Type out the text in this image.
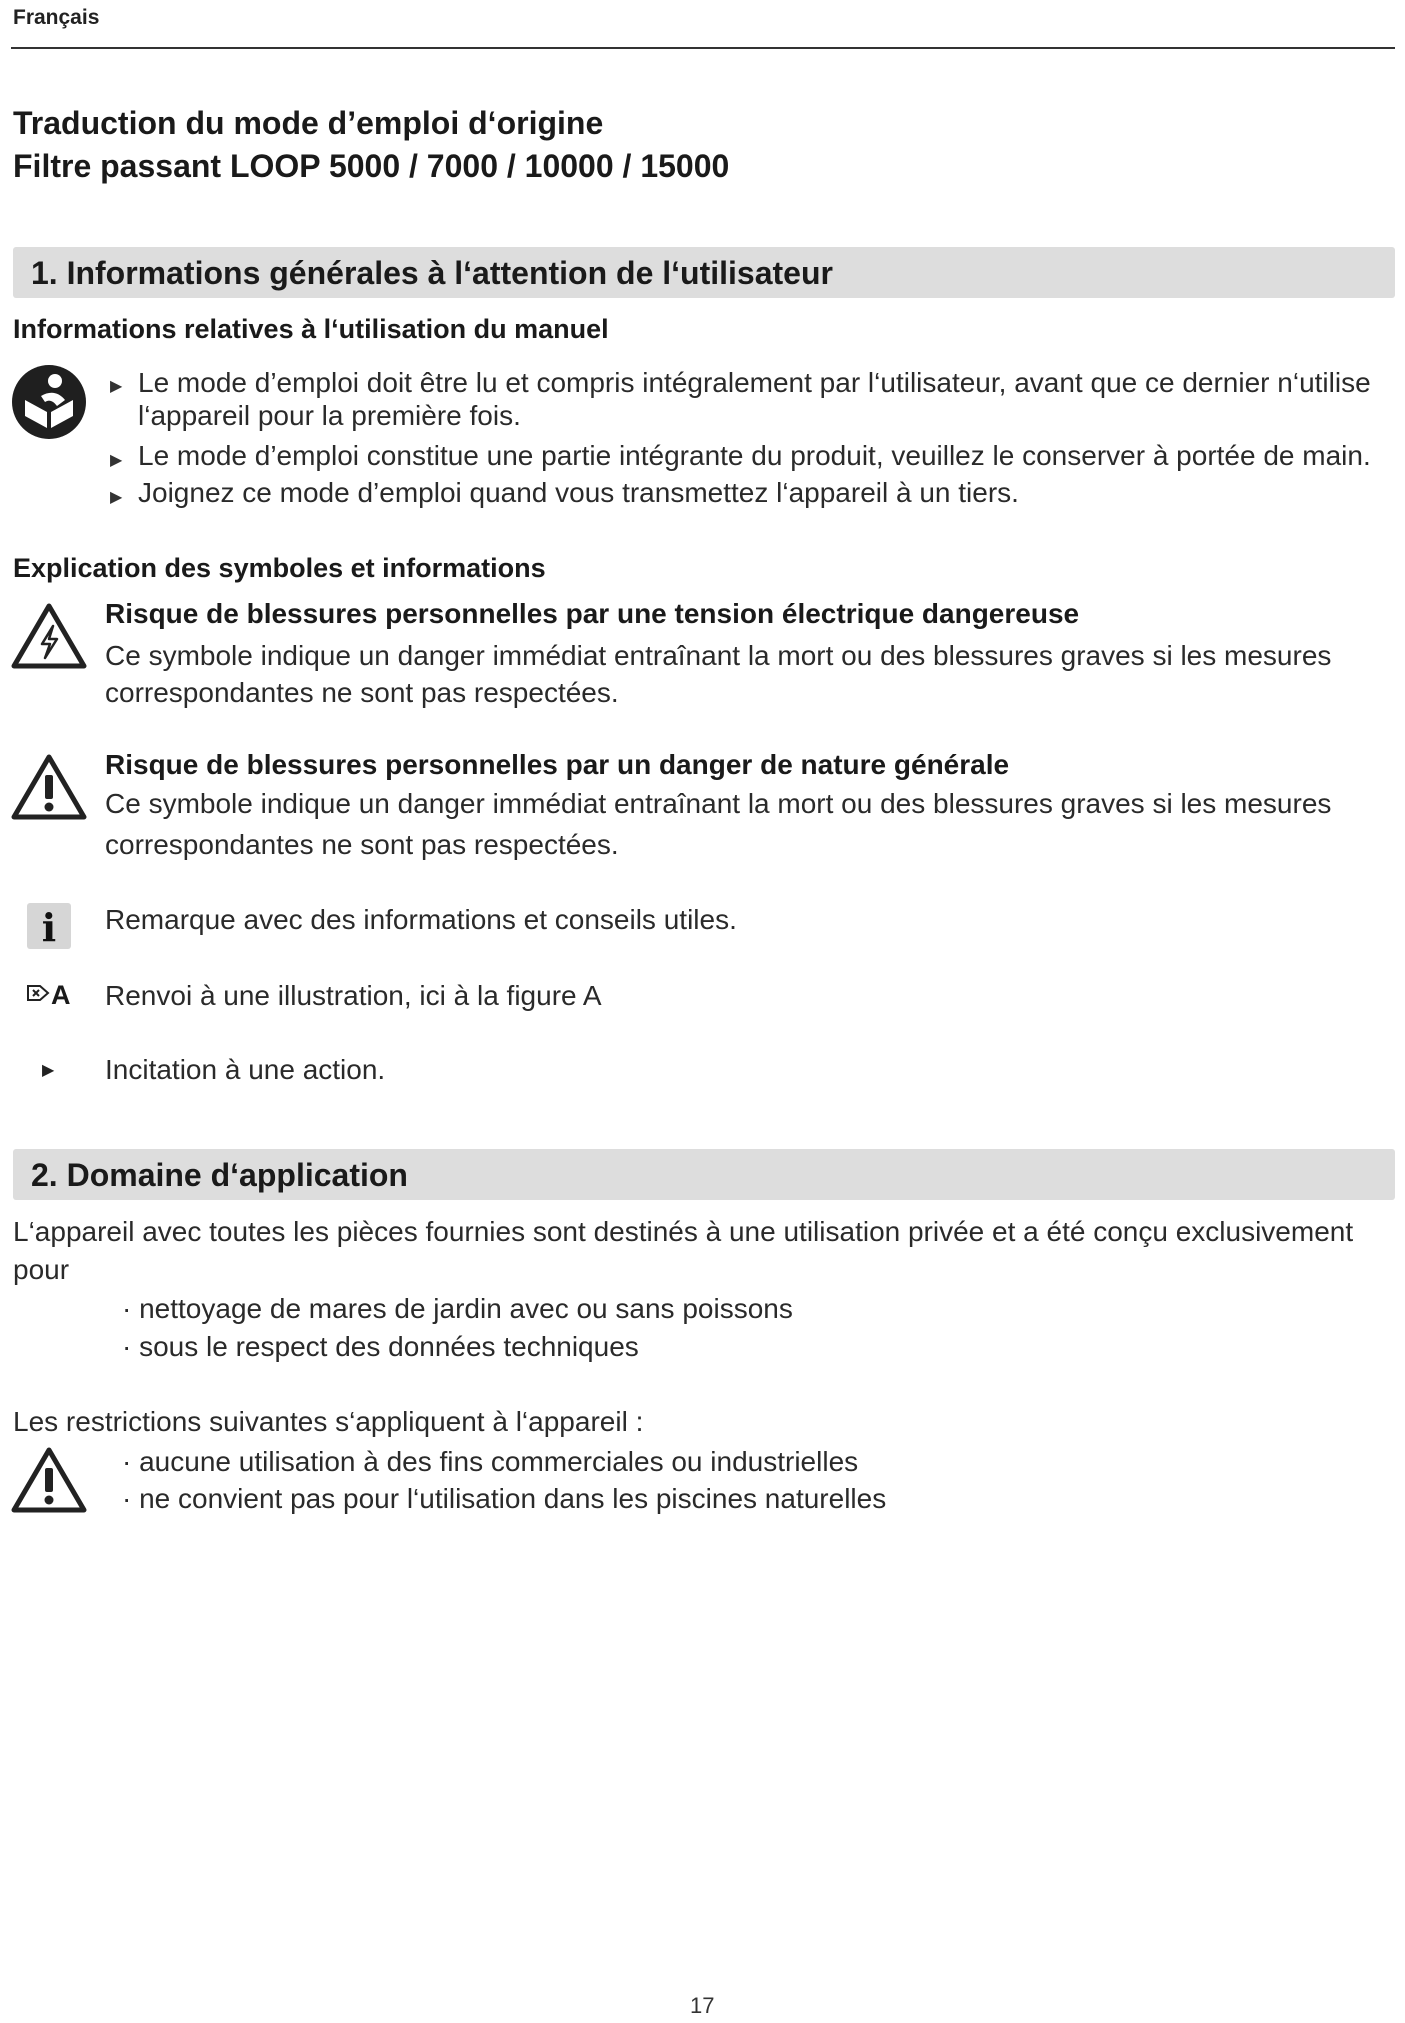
Français
Traduction du mode d’emploi d‘origine
Filtre passant LOOP 5000 / 7000 / 10000 / 15000
1. Informations générales à l‘attention de l‘utilisateur
Informations relatives à l‘utilisation du manuel
▶ Le mode d’emploi doit être lu et compris intégralement par l‘utilisateur, avant que ce dernier n‘utilise
l‘appareil pour la première fois.
▶ Le mode d’emploi constitue une partie intégrante du produit, veuillez le conserver à portée de main.
▶ Joignez ce mode d’emploi quand vous transmettez l‘appareil à un tiers.
Explication des symboles et informations
Risque de blessures personnelles par une tension électrique dangereuse
Ce symbole indique un danger immédiat entraînant la mort ou des blessures graves si les mesures
correspondantes ne sont pas respectées.
Risque de blessures personnelles par un danger de nature générale
Ce symbole indique un danger immédiat entraînant la mort ou des blessures graves si les mesures
correspondantes ne sont pas respectées.
i	Remarque avec des informations et conseils utiles.
A Renvoi à une illustration, ici à la figure A
▶ Incitation à une action.
2. Domaine d‘application
L‘appareil avec toutes les pièces fournies sont destinés à une utilisation privée et a été conçu exclusivement
pour
· nettoyage de mares de jardin avec ou sans poissons
· sous le respect des données techniques
Les restrictions suivantes s‘appliquent à l‘appareil :
· aucune utilisation à des fins commerciales ou industrielles
· ne convient pas pour l‘utilisation dans les piscines naturelles
17
